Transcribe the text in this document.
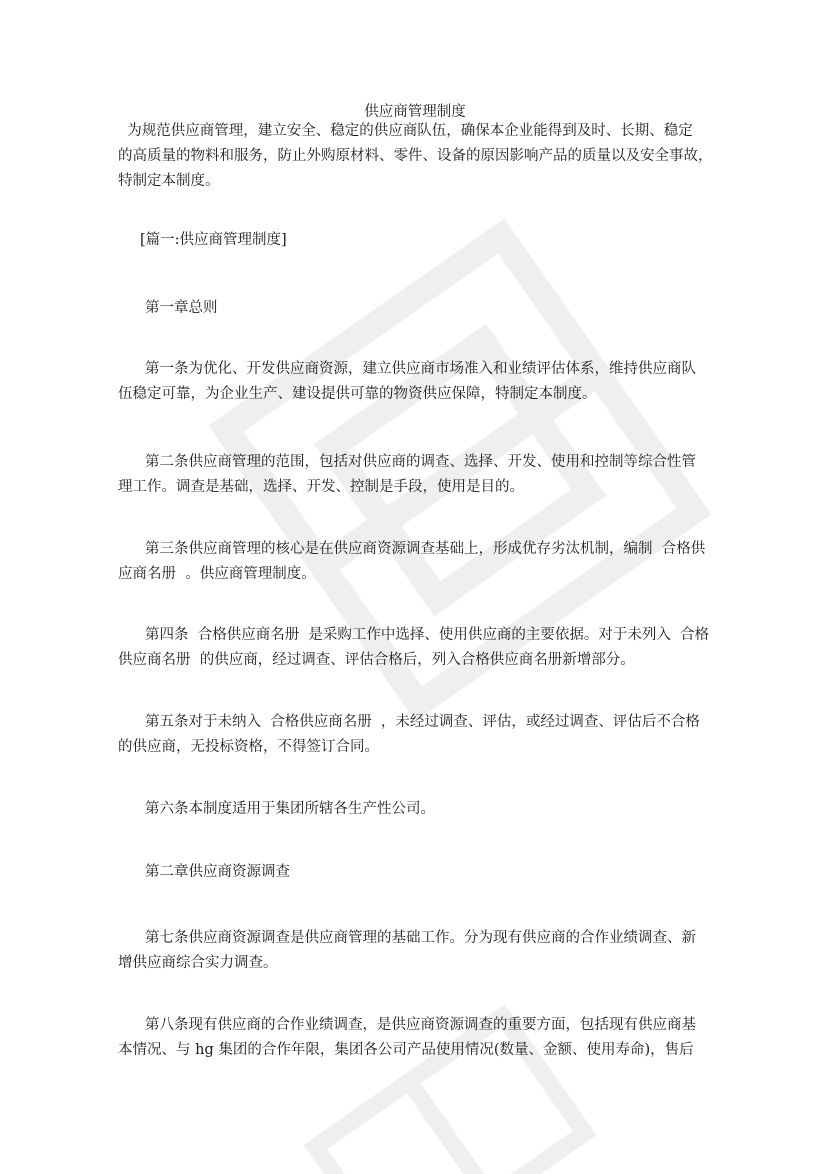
供应商管理制度
为规范供应商管理，建立安全、稳定的供应商队伍，确保本企业能得到及时、长期、稳定
的高质量的物料和服务，防止外购原材料、零件、设备的原因影响产品的质量以及安全事故，
特制定本制度。
[篇一:供应商管理制度]
第一章总则
第一条为优化、开发供应商资源，建立供应商市场准入和业绩评估体系，维持供应商队
伍稳定可靠，为企业生产、建设提供可靠的物资供应保障，特制定本制度。
第二条供应商管理的范围，包括对供应商的调查、选择、开发、使用和控制等综合性管
理工作。调查是基础，选择、开发、控制是手段，使用是目的。
第三条供应商管理的核心是在供应商资源调查基础上，形成优存劣汰机制，编制  合格供
应商名册  。供应商管理制度。
第四条  合格供应商名册  是采购工作中选择、使用供应商的主要依据。对于未列入  合格
供应商名册  的供应商，经过调查、评估合格后，列入合格供应商名册新增部分。
第五条对于未纳入  合格供应商名册  ，未经过调查、评估，或经过调查、评估后不合格
的供应商，无投标资格，不得签订合同。
第六条本制度适用于集团所辖各生产性公司。
第二章供应商资源调查
第七条供应商资源调查是供应商管理的基础工作。分为现有供应商的合作业绩调查、新
增供应商综合实力调查。
第八条现有供应商的合作业绩调查，是供应商资源调查的重要方面，包括现有供应商基
本情况、与 hg 集团的合作年限，集团各公司产品使用情况(数量、金额、使用寿命)，售后
